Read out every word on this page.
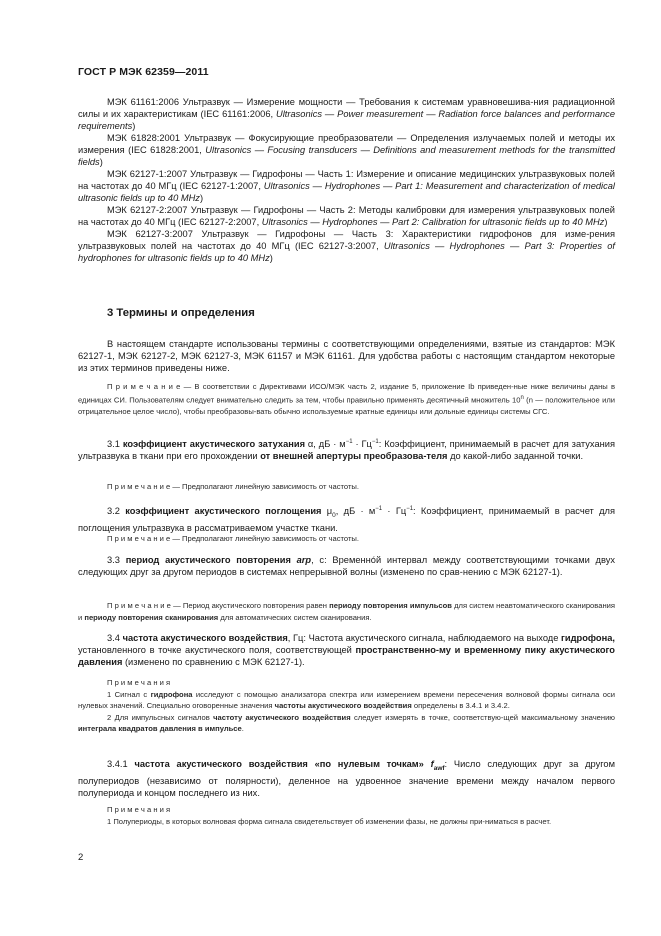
ГОСТ Р МЭК 62359—2011

МЭК 61161:2006 Ультразвук — Измерение мощности — Требования к системам уравновешива-ния радиационной силы и их характеристикам (IEC 61161:2006, Ultrasonics — Power measurement — Radiation force balances and performance requirements)

МЭК 61828:2001 Ультразвук — Фокусирующие преобразователи — Определения излучаемых полей и методы их измерения (IEC 61828:2001, Ultrasonics — Focusing transducers — Definitions and measurement methods for the transmitted fields)

МЭК 62127-1:2007 Ультразвук — Гидрофоны — Часть 1: Измерение и описание медицинских ультразвуковых полей на частотах до 40 МГц (IEC 62127-1:2007, Ultrasonics — Hydrophones — Part 1: Measurement and characterization of medical ultrasonic fields up to 40 MHz)

МЭК 62127-2:2007 Ультразвук — Гидрофоны — Часть 2: Методы калибровки для измерения ультразвуковых полей на частотах до 40 МГц (IEC 62127-2:2007, Ultrasonics — Hydrophones — Part 2: Calibration for ultrasonic fields up to 40 MHz)

МЭК 62127-3:2007 Ультразвук — Гидрофоны — Часть 3: Характеристики гидрофонов для изме-рения ультразвуковых полей на частотах до 40 МГц (IEC 62127-3:2007, Ultrasonics — Hydrophones — Part 3: Properties of hydrophones for ultrasonic fields up to 40 MHz)

3 Термины и определения

В настоящем стандарте использованы термины с соответствующими определениями, взятые из стандартов: МЭК 62127-1, МЭК 62127-2, МЭК 62127-3, МЭК 61157 и МЭК 61161. Для удобства работы с настоящим стандартом некоторые из этих терминов приведены ниже.

П р и м е ч а н и е — В соответствии с Директивами ИСО/МЭК часть 2, издание 5, приложение Ib приведен-ные ниже величины даны в единицах СИ. Пользователям следует внимательно следить за тем, чтобы правильно применять десятичный множитель 10$^n$ (n — положительное или отрицательное целое число), чтобы преобразовы-вать обычно используемые кратные единицы или дольные единицы системы СГС.

3.1 коэффициент акустического затухания α, дБ · $м^{-1} \cdot Гц^{-1}$: Коэффициент, принимаемый в расчет для затухания ультразвука в ткани при его прохождении от внешней апертуры преобразова-теля до какой-либо заданной точки.

П р и м е ч а н и е — Предполагают линейную зависимость от частоты.

3.2 коэффициент акустического поглощения $\mu_0$, дБ · $м^{-1} \cdot Гц^{-1}$: Коэффициент, принимаемый в расчет для поглощения ультразвука в рассматриваемом участке ткани.

П р и м е ч а н и е — Предполагают линейную зависимость от частоты.

3.3 период акустического повторения arp, с: Временнóй интервал между соответствующими точками двух следующих друг за другом периодов в системах непрерывной волны (изменено по срав-нению с МЭК 62127-1).

П р и м е ч а н и е — Период акустического повторения равен периоду повторения импульсов для систем неавтоматического сканирования и периоду повторения сканирования для автоматических систем сканирования.

3.4 частота акустического воздействия, Гц: Частота акустического сигнала, наблюдаемого на выходе гидрофона, установленного в точке акустического поля, соответствующей пространственно-му и временному пику акустического давления (изменено по сравнению с МЭК 62127-1).

П р и м е ч а н и я

1 Сигнал с гидрофона исследуют с помощью анализатора спектра или измерением времени пересечения волновой формы сигнала оси нулевых значений. Специально оговоренные значения частоты акустического воздействия определены в 3.4.1 и 3.4.2.

2 Для импульсных сигналов частоту акустического воздействия следует измерять в точке, соответствую-щей максимальному значению интеграла квадратов давления в импульсе.

3.4.1 частота акустического воздействия «по нулевым точкам» $f_{awf}$: Число следующих друг за другом полупериодов (независимо от полярности), деленное на удвоенное значение времени между началом первого полупериода и концом последнего из них.

П р и м е ч а н и я

1 Полупериоды, в которых волновая форма сигнала свидетельствует об изменении фазы, не должны при-ниматься в расчет.

2
